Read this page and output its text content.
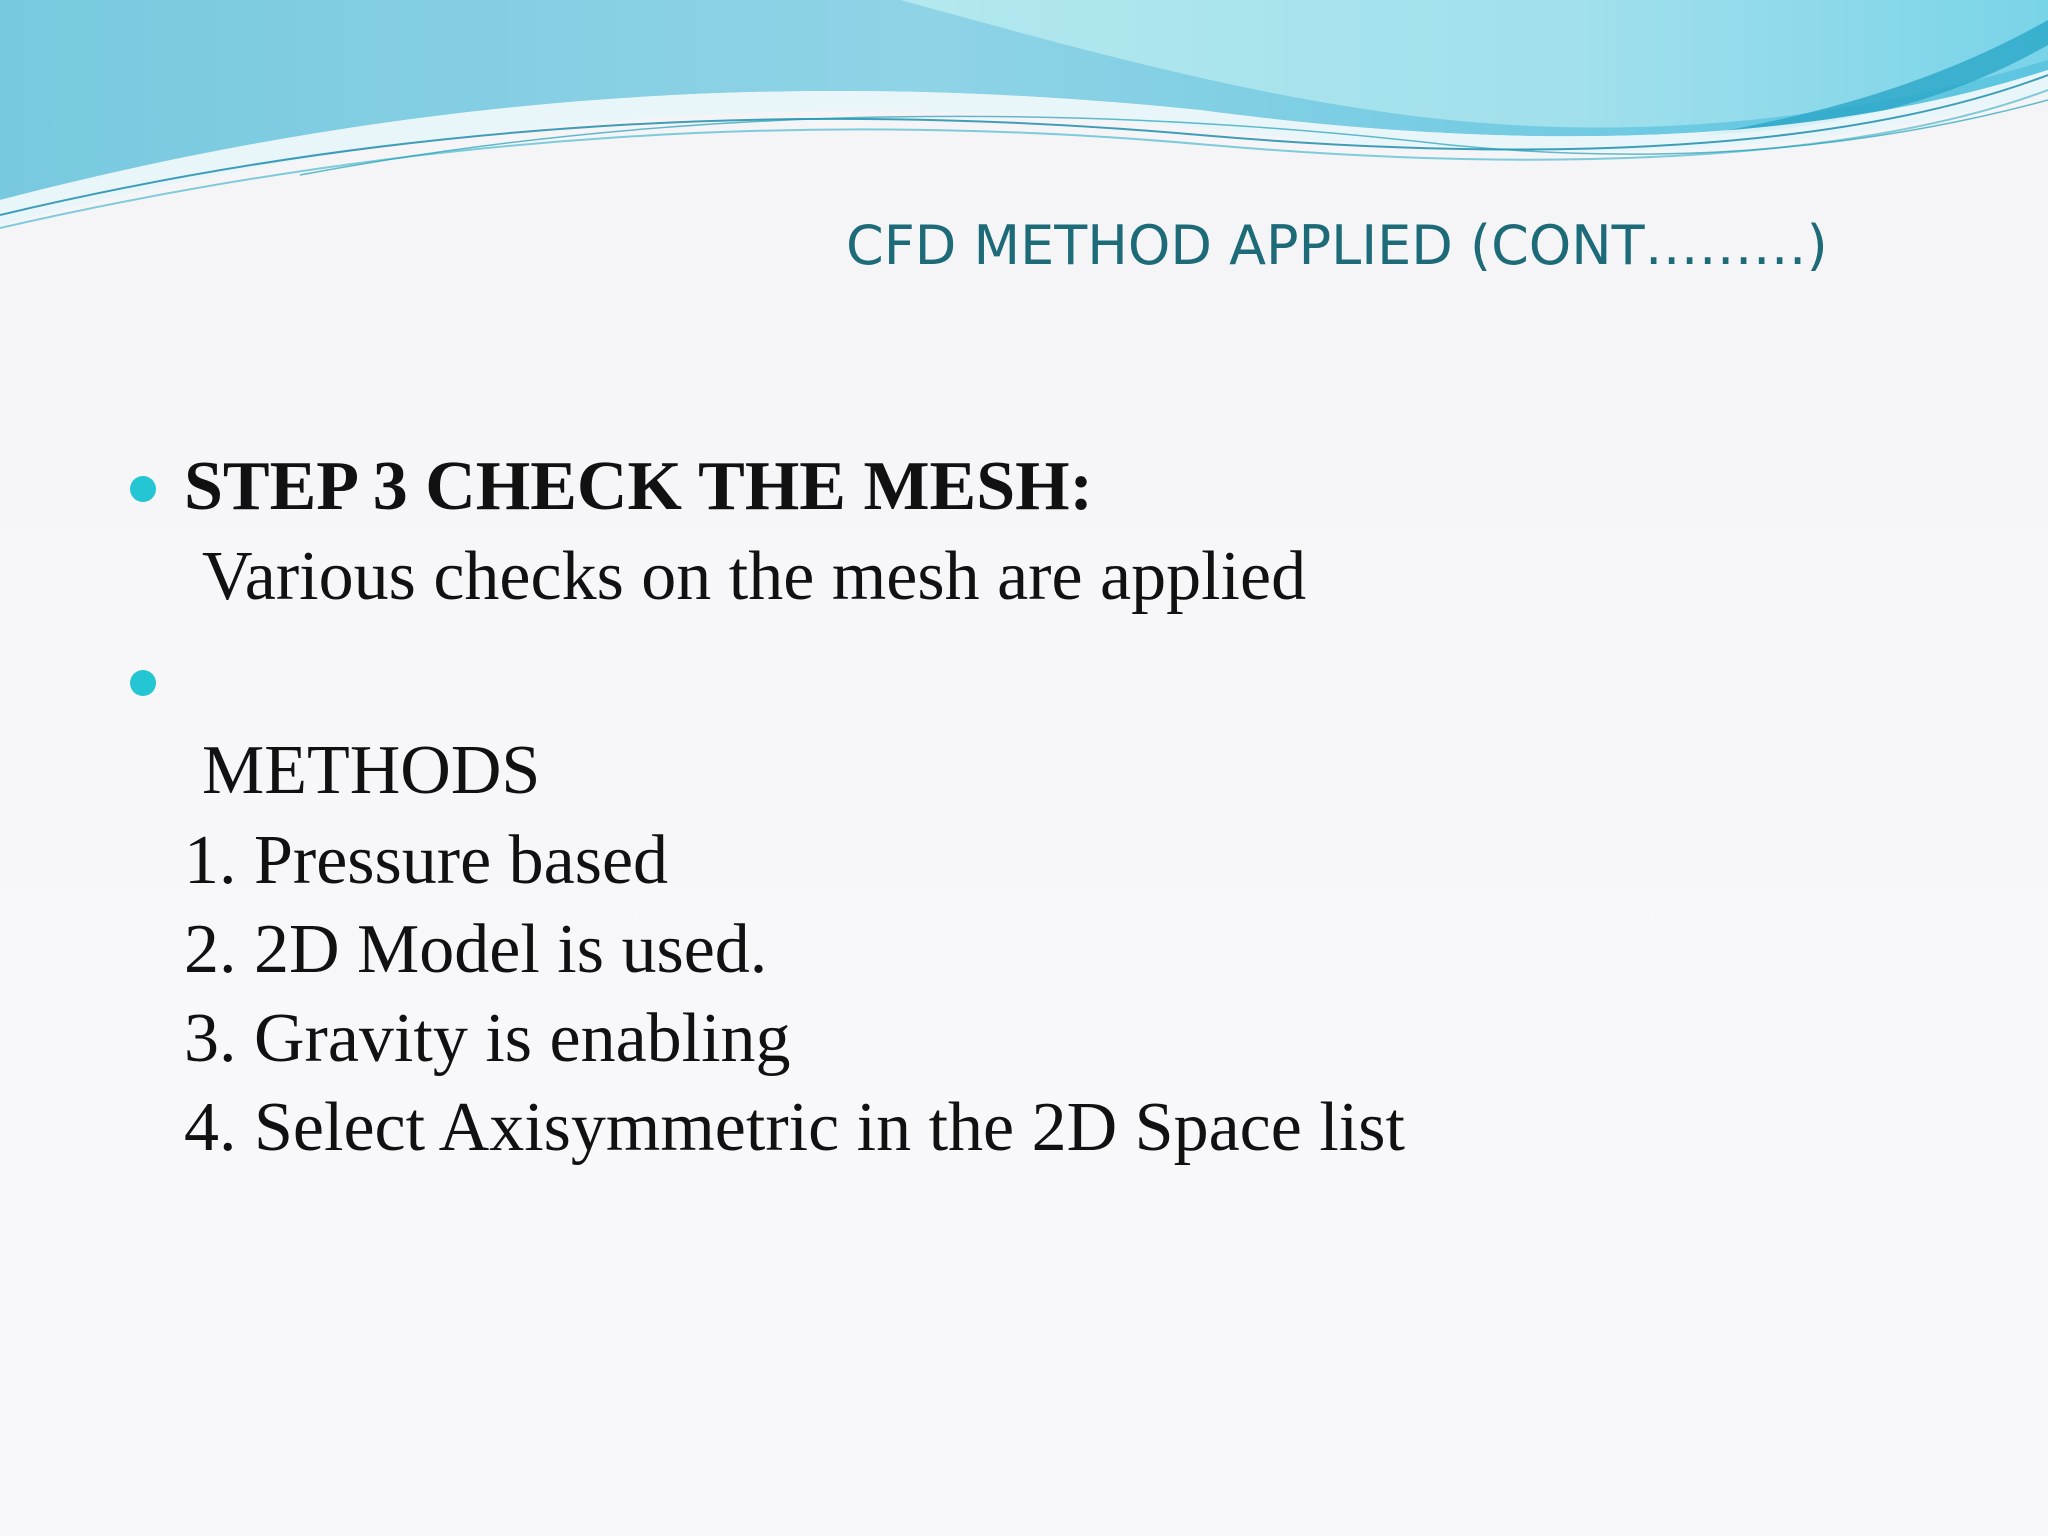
CFD METHOD APPLIED (CONT………)
STEP 3 CHECK THE MESH:
Various checks on the mesh are applied
METHODS
1. Pressure based
2. 2D Model is used.
3. Gravity is enabling
4. Select Axisymmetric in the 2D Space list
